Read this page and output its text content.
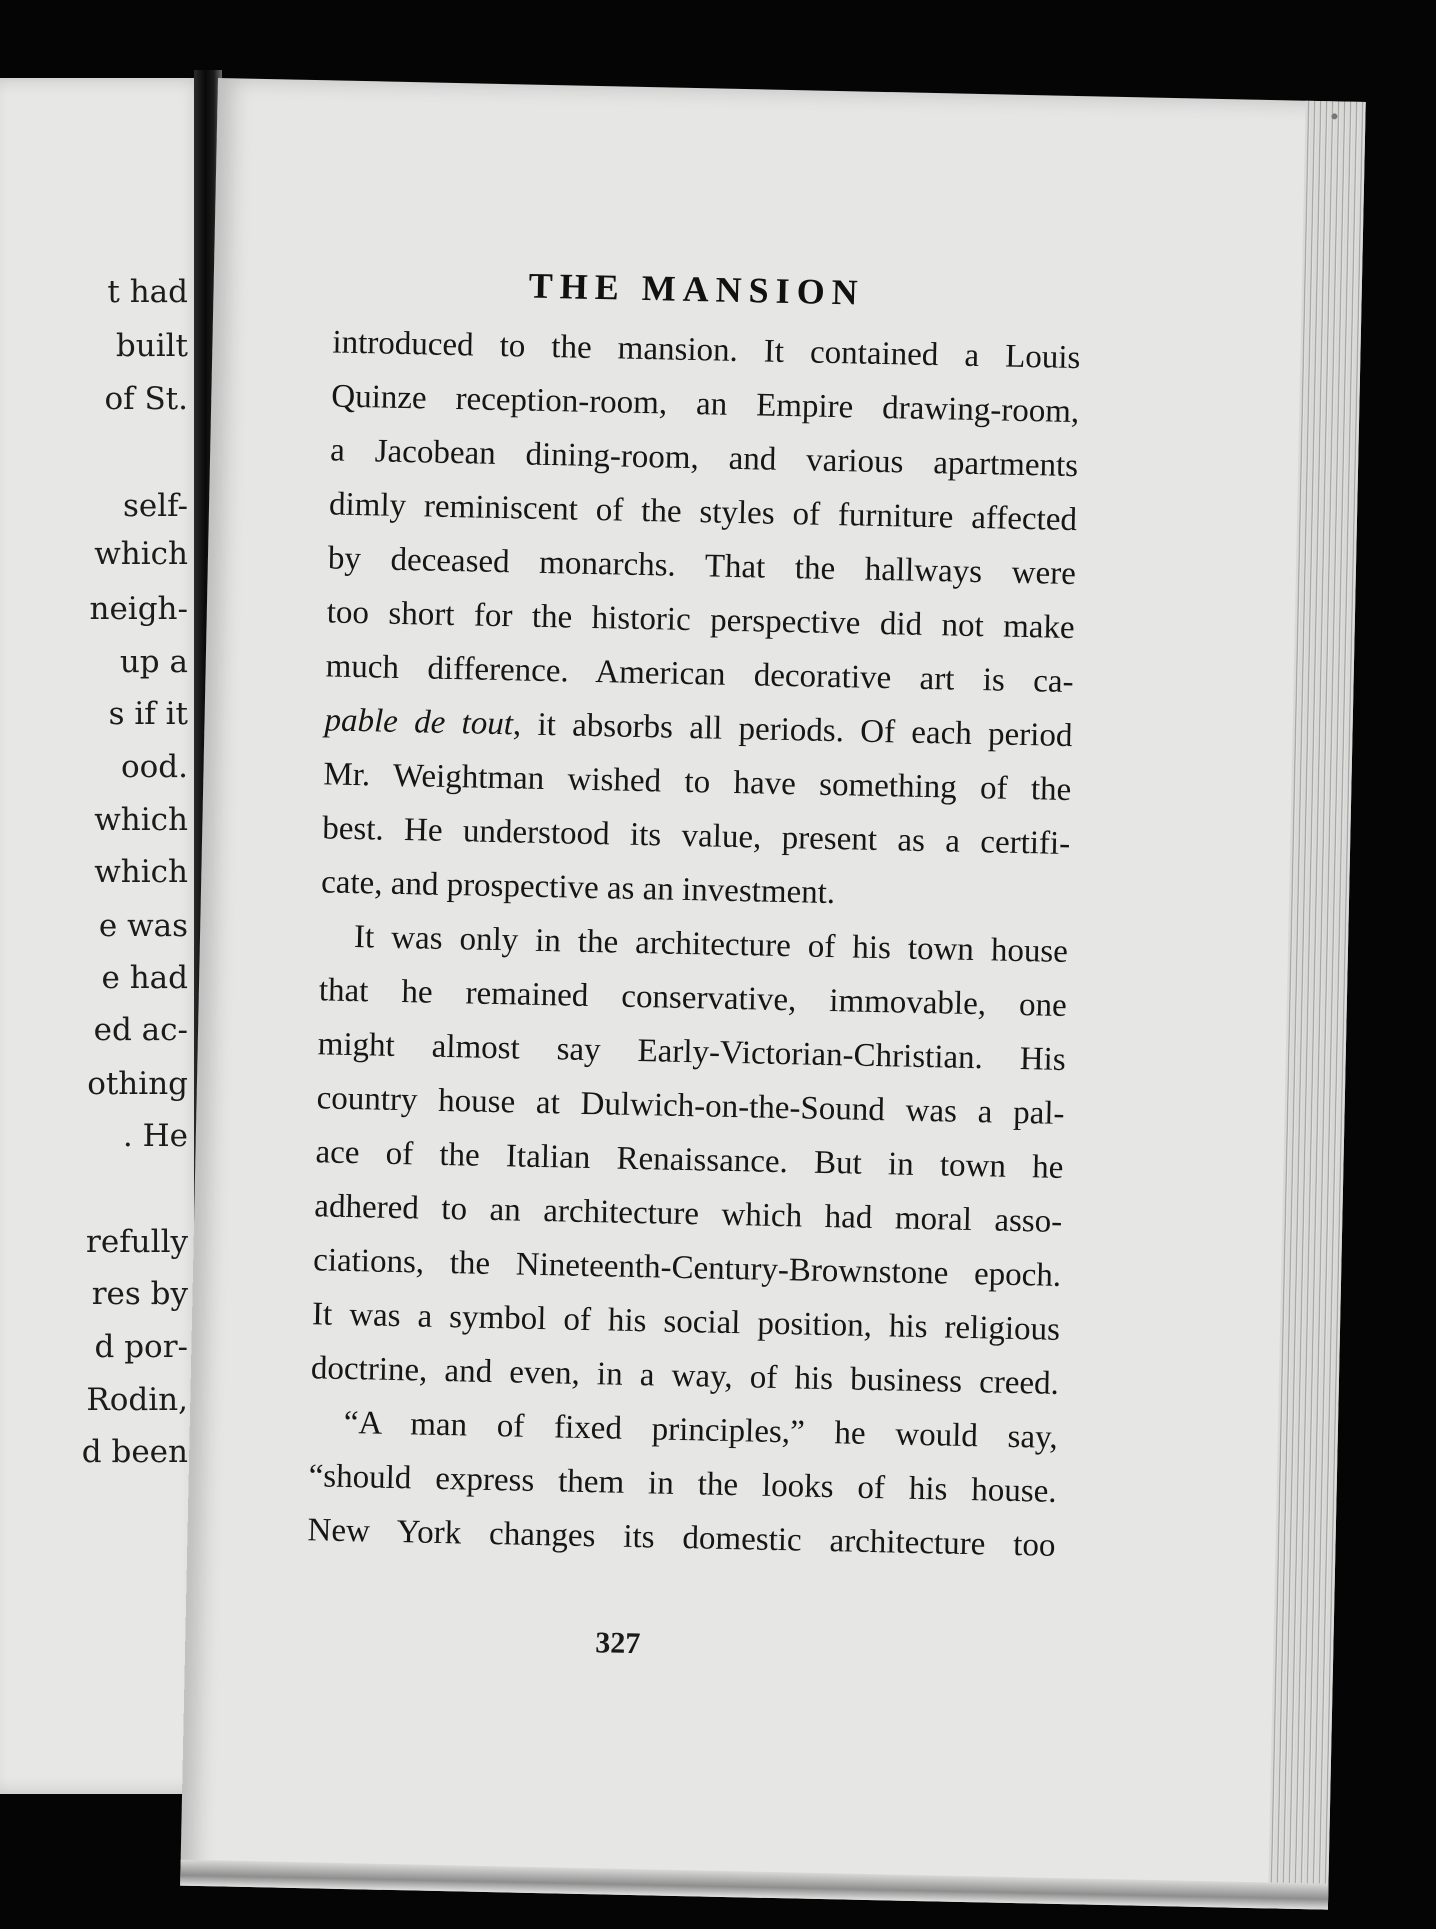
t had

built

of St.

self-

which

neigh-

up a

s if it

ood.

which

which

e was

e had

ed ac-

othing

. He

refully

res by

d por-

Rodin,

d been

THE MANSION
introduced to the mansion. It contained a Louis
Quinze reception-room, an Empire drawing-room,
a Jacobean dining-room, and various apartments
dimly reminiscent of the styles of furniture affected
by deceased monarchs. That the hallways were
too short for the historic perspective did not make
much difference. American decorative art is ca-
pable de tout, it absorbs all periods. Of each period
Mr. Weightman wished to have something of the
best. He understood its value, present as a certifi-
cate, and prospective as an investment.
It was only in the architecture of his town house
that he remained conservative, immovable, one
might almost say Early-Victorian-Christian. His
country house at Dulwich-on-the-Sound was a pal-
ace of the Italian Renaissance. But in town he
adhered to an architecture which had moral asso-
ciations, the Nineteenth-Century-Brownstone epoch.
It was a symbol of his social position, his religious
doctrine, and even, in a way, of his business creed.
“A man of fixed principles,” he would say,
“should express them in the looks of his house.
New York changes its domestic architecture too

327
